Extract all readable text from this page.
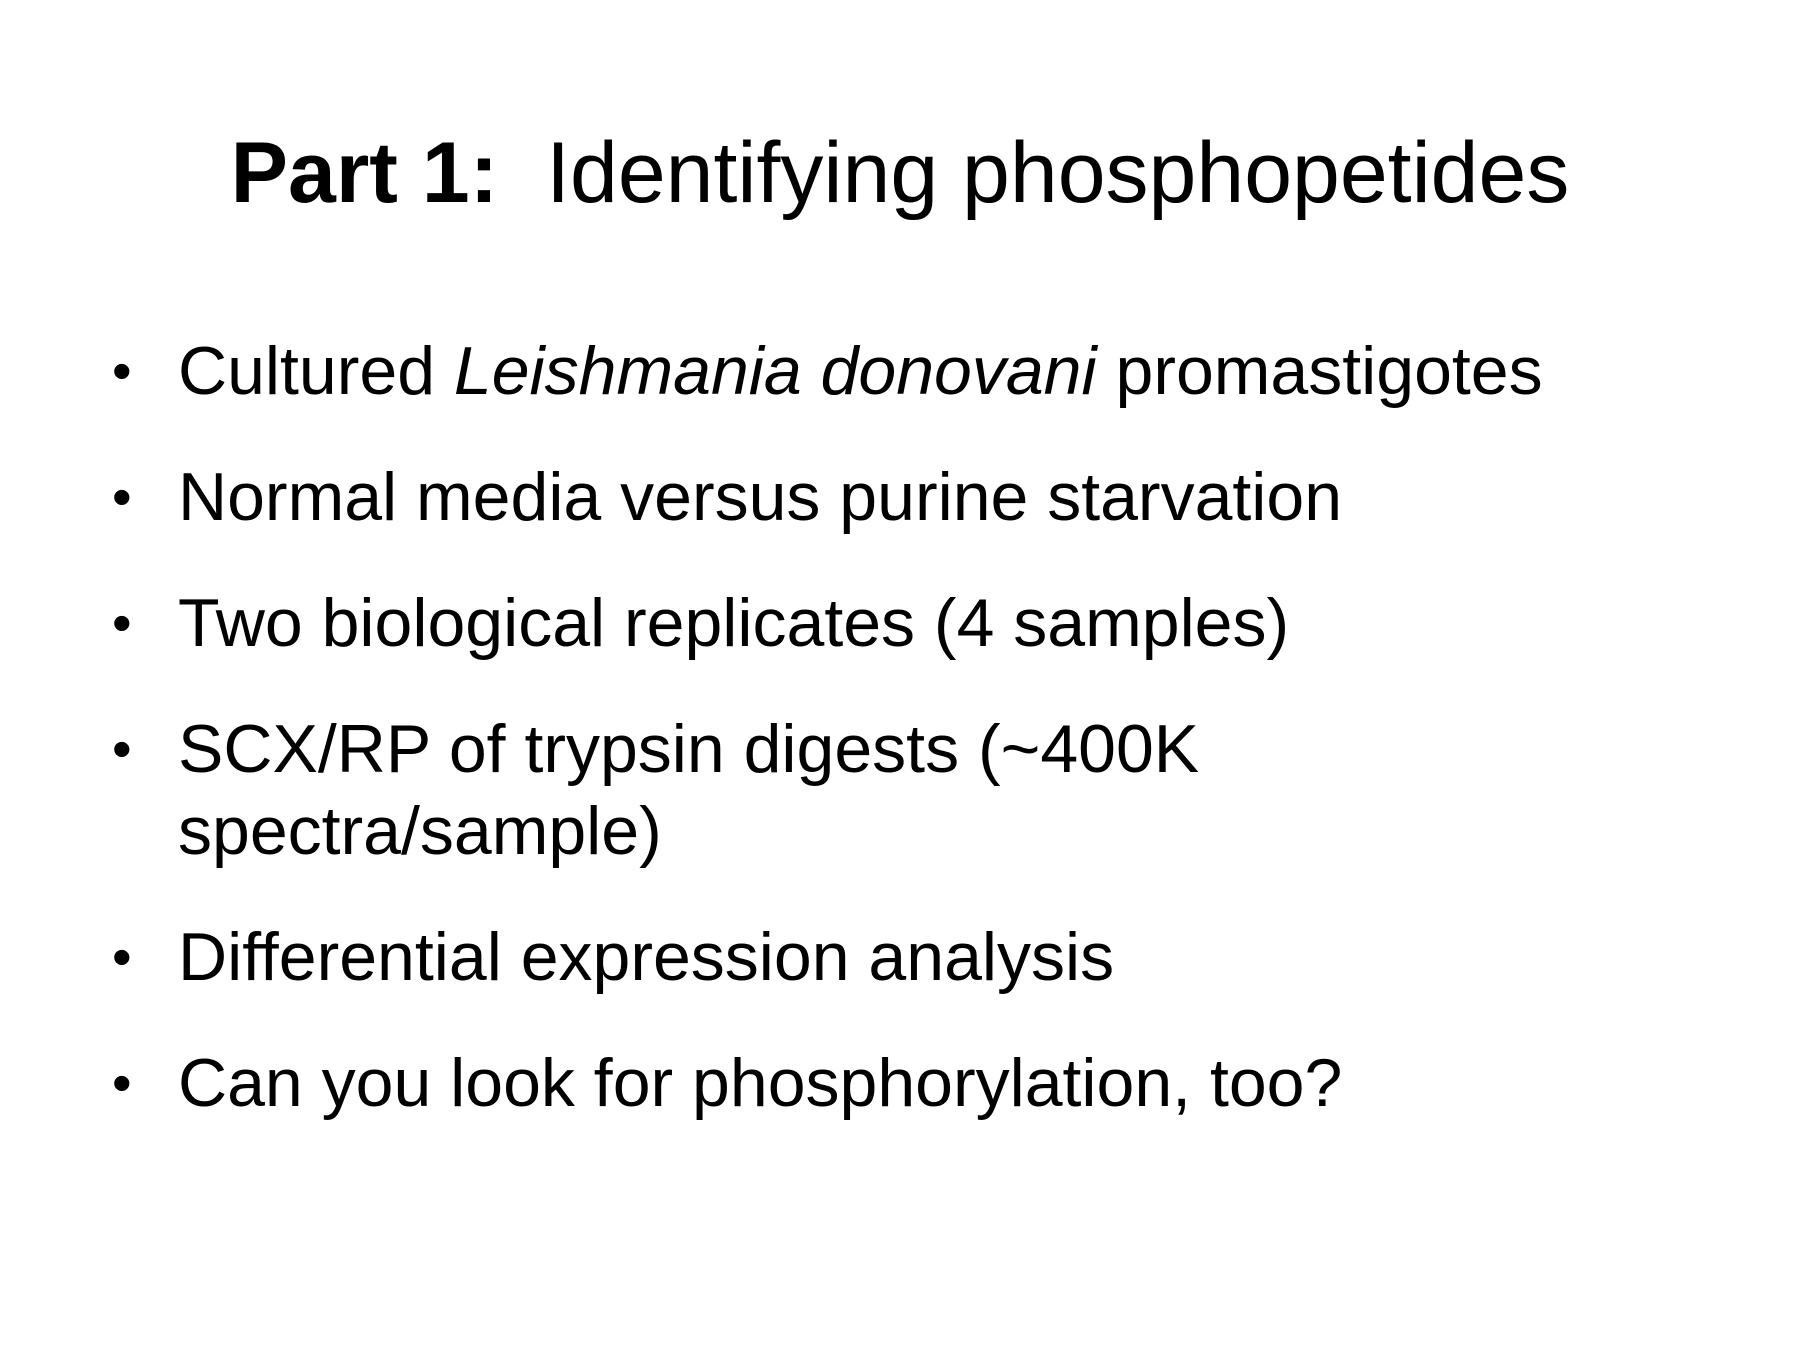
Part 1: Identifying phosphopetides
• Cultured Leishmania donovani promastigotes
• Normal media versus purine starvation
• Two biological replicates (4 samples)
• SCX/RP of trypsin digests (~400K
spectra/sample)
• Differential expression analysis
• Can you look for phosphorylation, too?
